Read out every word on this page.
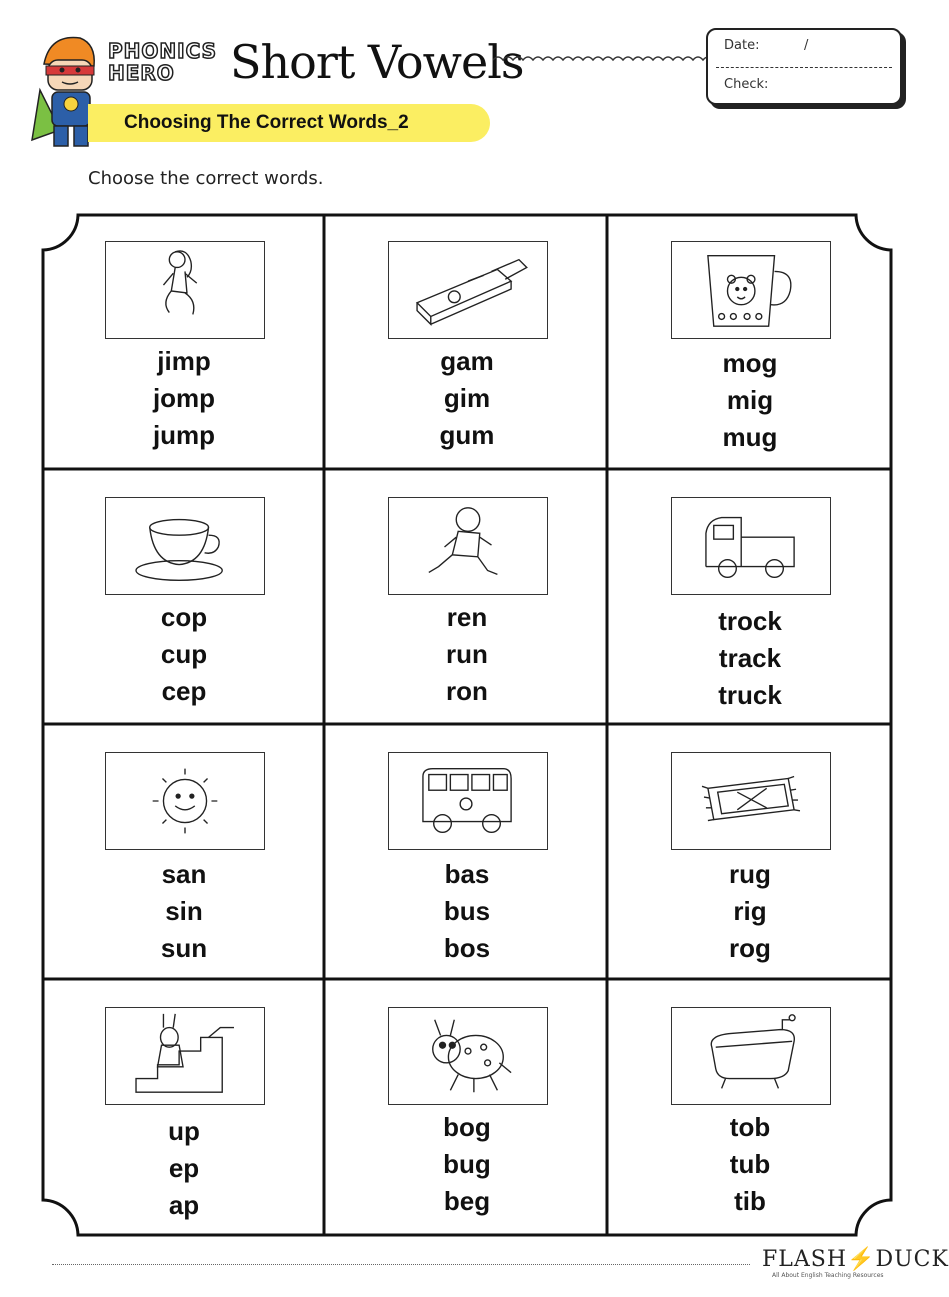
PHONICS
HERO	Short Vowels
Choosing The Correct Words_2
Date:	/
Check:
Choose the correct words.
jimp
jomp
jump
gam
gim
gum
mog
mig
mug
cop
cup
cep
ren
run
ron
trock
track
truck
san
sin
sun
bas
bus
bos
rug
rig
rog
up
ep
ap
bog
bug
beg
tob
tub
tib
FLASH⚡DUCK
All About English Teaching Resources
